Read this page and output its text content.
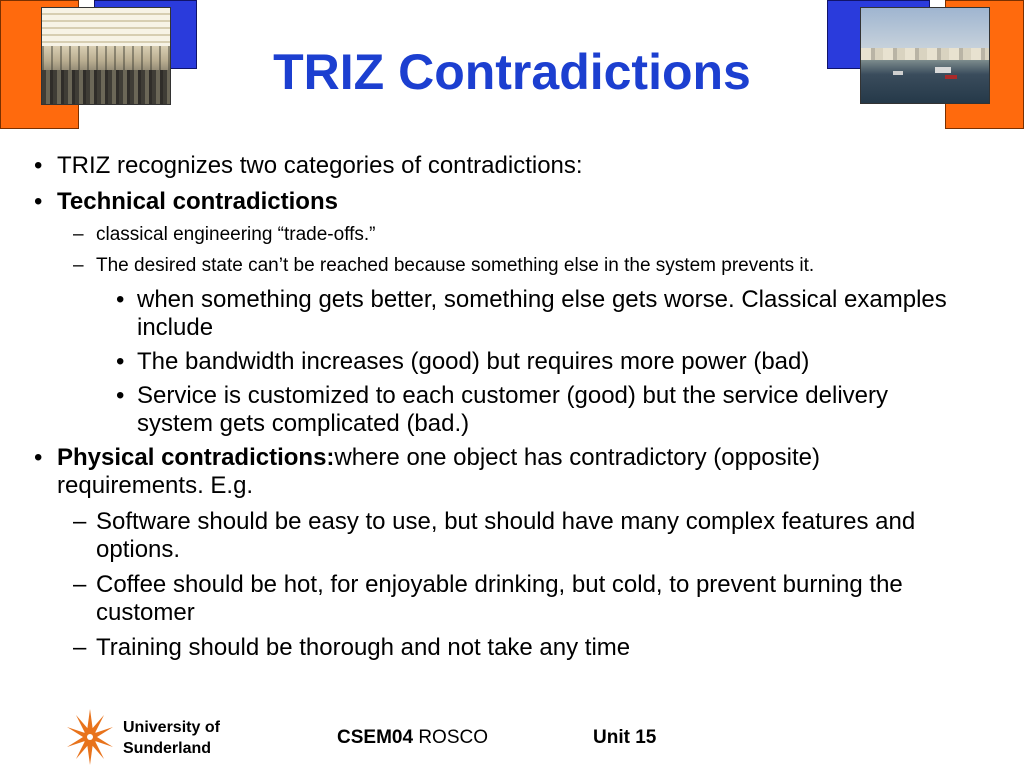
TRIZ Contradictions
• TRIZ recognizes two categories of contradictions:
• Technical contradictions
– classical engineering “trade-offs.”
– The desired state can’t be reached because something else in the system prevents it.
• when something gets better, something else gets worse. Classical examples include
• The bandwidth increases (good) but requires more power (bad)
• Service is customized to each customer (good) but the service delivery system gets complicated (bad.)
• Physical contradictions:where one object has contradictory (opposite) requirements. E.g.
– Software should be easy to use, but should have many complex features and options.
– Coffee should be hot, for enjoyable drinking, but cold, to prevent burning the customer
– Training should be thorough and not take any time
University of
Sunderland
CSEM04 ROSCO	Unit 15
